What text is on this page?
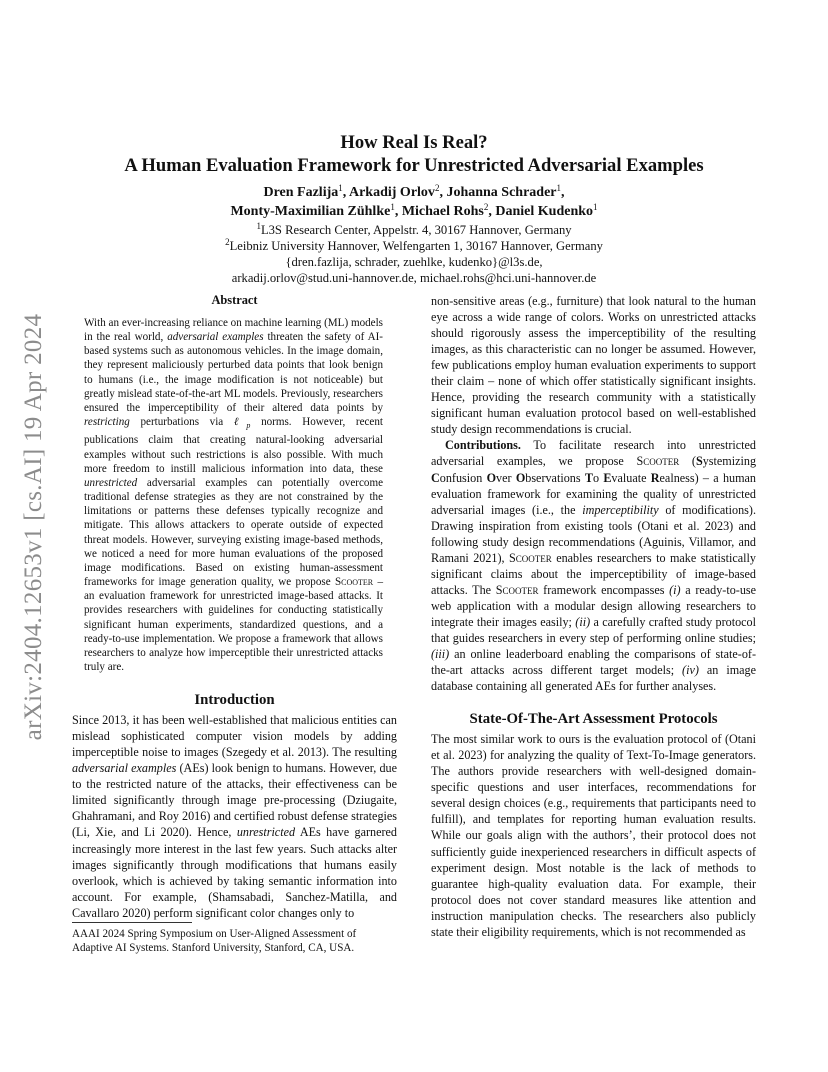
arXiv:2404.12653v1 [cs.AI] 19 Apr 2024
How Real Is Real?
A Human Evaluation Framework for Unrestricted Adversarial Examples
Dren Fazlija$^1$, Arkadij Orlov$^2$, Johanna Schrader$^1$,
Monty-Maximilian Zühlke$^1$, Michael Rohs$^2$, Daniel Kudenko$^1$
$^1$L3S Research Center, Appelstr. 4, 30167 Hannover, Germany
$^2$Leibniz University Hannover, Welfengarten 1, 30167 Hannover, Germany
{dren.fazlija, schrader, zuehlke, kudenko}@l3s.de,
arkadij.orlov@stud.uni-hannover.de, michael.rohs@hci.uni-hannover.de
Abstract

With an ever-increasing reliance on machine learning (ML) models in the real world, adversarial examples threaten the safety of AI-based systems such as autonomous vehicles. In the image domain, they represent maliciously perturbed data points that look benign to humans (i.e., the image modification is not noticeable) but greatly mislead state-of-the-art ML models. Previously, researchers ensured the imperceptibility of their altered data points by restricting perturbations via ℓ$_p$ norms. However, recent publications claim that creating natural-looking adversarial examples without such restrictions is also possible. With much more freedom to instill malicious information into data, these unrestricted adversarial examples can potentially overcome traditional defense strategies as they are not constrained by the limitations or patterns these defenses typically recognize and mitigate. This allows attackers to operate outside of expected threat models. However, surveying existing image-based methods, we noticed a need for more human evaluations of the proposed image modifications. Based on existing human-assessment frameworks for image generation quality, we propose Scooter – an evaluation framework for unrestricted image-based attacks. It provides researchers with guidelines for conducting statistically significant human experiments, standardized questions, and a ready-to-use implementation. We propose a framework that allows researchers to analyze how imperceptible their unrestricted attacks truly are.

Introduction

Since 2013, it has been well-established that malicious entities can mislead sophisticated computer vision models by adding imperceptible noise to images (Szegedy et al. 2013). The resulting adversarial examples (AEs) look benign to humans. However, due to the restricted nature of the attacks, their effectiveness can be limited significantly through image pre-processing (Dziugaite, Ghahramani, and Roy 2016) and certified robust defense strategies (Li, Xie, and Li 2020). Hence, unrestricted AEs have garnered increasingly more interest in the last few years. Such attacks alter images significantly through modifications that humans easily overlook, which is achieved by taking semantic information into account. For example, (Shamsabadi, Sanchez-Matilla, and Cavallaro 2020) perform significant color changes only to

AAAI 2024 Spring Symposium on User-Aligned Assessment of Adaptive AI Systems. Stanford University, Stanford, CA, USA.

non-sensitive areas (e.g., furniture) that look natural to the human eye across a wide range of colors. Works on unrestricted attacks should rigorously assess the imperceptibility of the resulting images, as this characteristic can no longer be assumed. However, few publications employ human evaluation experiments to support their claim – none of which offer statistically significant insights. Hence, providing the research community with a statistically significant human evaluation protocol based on well-established study design recommendations is crucial.

Contributions. To facilitate research into unrestricted adversarial examples, we propose Scooter (Systemizing Confusion Over Observations To Evaluate Realness) – a human evaluation framework for examining the quality of unrestricted adversarial images (i.e., the imperceptibility of modifications). Drawing inspiration from existing tools (Otani et al. 2023) and following study design recommendations (Aguinis, Villamor, and Ramani 2021), Scooter enables researchers to make statistically significant claims about the imperceptibility of image-based attacks. The Scooter framework encompasses (i) a ready-to-use web application with a modular design allowing researchers to integrate their images easily; (ii) a carefully crafted study protocol that guides researchers in every step of performing online studies; (iii) an online leaderboard enabling the comparisons of state-of-the-art attacks across different target models; (iv) an image database containing all generated AEs for further analyses.

State-Of-The-Art Assessment Protocols

The most similar work to ours is the evaluation protocol of (Otani et al. 2023) for analyzing the quality of Text-To-Image generators. The authors provide researchers with well-designed domain-specific questions and user interfaces, recommendations for several design choices (e.g., requirements that participants need to fulfill), and templates for reporting human evaluation results. While our goals align with the authors’, their protocol does not sufficiently guide inexperienced researchers in difficult aspects of experiment design. Most notable is the lack of methods to guarantee high-quality evaluation data. For example, their protocol does not cover standard measures like attention and instruction manipulation checks. The researchers also publicly state their eligibility requirements, which is not recommended as
